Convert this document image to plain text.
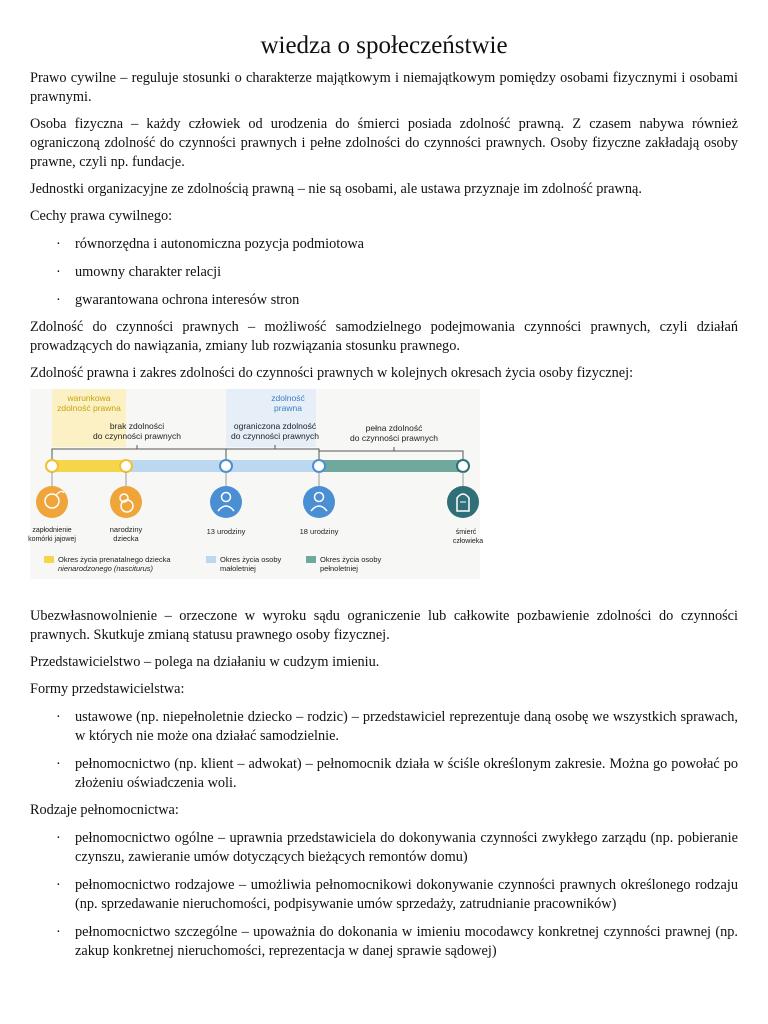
wiedza o społeczeństwie

Prawo cywilne – reguluje stosunki o charakterze majątkowym i niemajątkowym pomiędzy osobami fizycznymi i osobami prawnymi.

Osoba fizyczna – każdy człowiek od urodzenia do śmierci posiada zdolność prawną. Z czasem nabywa również ograniczoną zdolność do czynności prawnych i pełne zdolności do czynności prawnych. Osoby fizyczne zakładają osoby prawne, czyli np. fundacje.

Jednostki organizacyjne ze zdolnością prawną – nie są osobami, ale ustawa przyznaje im zdolność prawną.

Cechy prawa cywilnego:

· równorzędna i autonomiczna pozycja podmiotowa
· umowny charakter relacji
· gwarantowana ochrona interesów stron

Zdolność do czynności prawnych – możliwość samodzielnego podejmowania czynności prawnych, czyli działań prowadzących do nawiązania, zmiany lub rozwiązania stosunku prawnego.

Zdolność prawna i zakres zdolności do czynności prawnych w kolejnych okresach życia osoby fizycznej:

warunkowa
zdolność prawna
zdolność
prawna
brak zdolności
do czynności prawnych
ograniczona zdolność
do czynności prawnych
pełna zdolność
do czynności prawnych
zapłodnienie
komórki jajowej
narodziny
dziecka
13 urodziny	18 urodziny	śmierć
człowieka
Okres życia prenatalnego dziecka
nienarodzonego (nasciturus)
Okres życia osoby
małoletniej
Okres życia osoby
pełnoletniej

Ubezwłasnowolnienie – orzeczone w wyroku sądu ograniczenie lub całkowite pozbawienie zdolności do czynności prawnych. Skutkuje zmianą statusu prawnego osoby fizycznej.

Przedstawicielstwo – polega na działaniu w cudzym imieniu.

Formy przedstawicielstwa:

· ustawowe (np. niepełnoletnie dziecko – rodzic) – przedstawiciel reprezentuje daną osobę we wszystkich sprawach, w których nie może ona działać samodzielnie.
· pełnomocnictwo (np. klient – adwokat) – pełnomocnik działa w ściśle określonym zakresie. Można go powołać po złożeniu oświadczenia woli.

Rodzaje pełnomocnictwa:

· pełnomocnictwo ogólne – uprawnia przedstawiciela do dokonywania czynności zwykłego zarządu (np. pobieranie czynszu, zawieranie umów dotyczących bieżących remontów domu)
· pełnomocnictwo rodzajowe – umożliwia pełnomocnikowi dokonywanie czynności prawnych określonego rodzaju (np. sprzedawanie nieruchomości, podpisywanie umów sprzedaży, zatrudnianie pracowników)
· pełnomocnictwo szczególne – upoważnia do dokonania w imieniu mocodawcy konkretnej czynności prawnej (np. zakup konkretnej nieruchomości, reprezentacja w danej sprawie sądowej)
